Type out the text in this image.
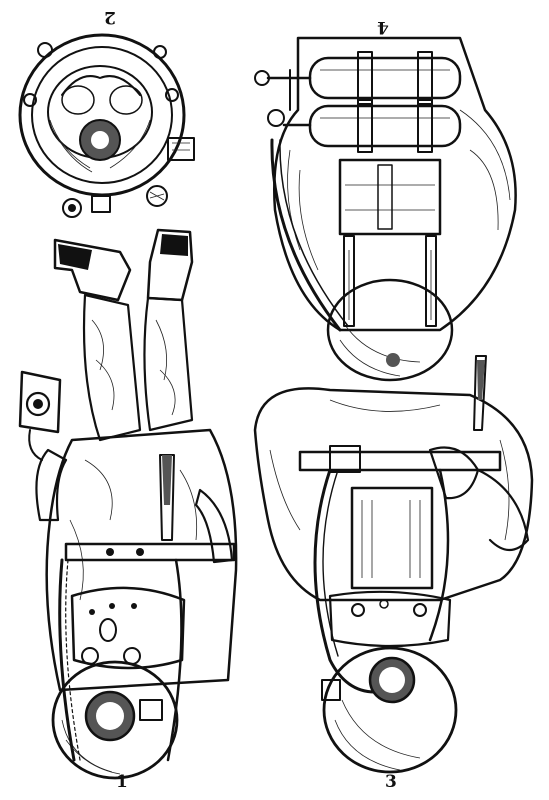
2	4
1	3
